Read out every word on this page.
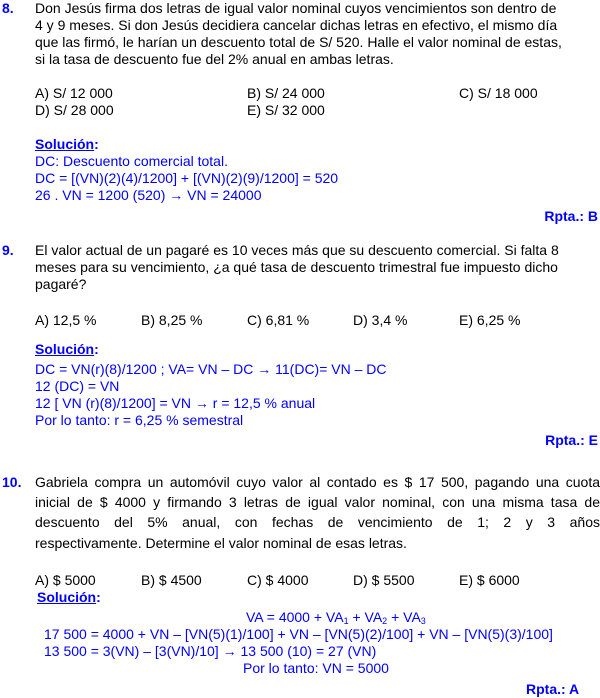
8. Don Jesús firma dos letras de igual valor nominal cuyos vencimientos son dentro de
4 y 9 meses. Si don Jesús decidiera cancelar dichas letras en efectivo, el mismo día
que las firmó, le harían un descuento total de S/ 520. Halle el valor nominal de estas,
si la tasa de descuento fue del 2% anual en ambas letras.
A) S/ 12 000	B) S/ 24 000	C) S/ 18 000
D) S/ 28 000	E) S/ 32 000
Solución:
DC: Descuento comercial total.
DC = [(VN)(2)(4)/1200] + [(VN)(2)(9)/1200] = 520
26 . VN = 1200 (520) → VN = 24000
Rpta.: B
9. El valor actual de un pagaré es 10 veces más que su descuento comercial. Si falta 8
meses para su vencimiento, ¿a qué tasa de descuento trimestral fue impuesto dicho
pagaré?
A) 12,5 %	B) 8,25 %	C) 6,81 %	D) 3,4 %	E) 6,25 %
Solución:
DC = VN(r)(8)/1200 ; VA= VN – DC → 11(DC)= VN – DC
12 (DC) = VN
12 [ VN (r)(8)/1200] = VN → r = 12,5 % anual
Por lo tanto: r = 6,25 % semestral
Rpta.: E
10. Gabriela compra un automóvil cuyo valor al contado es $ 17 500, pagando una cuota
inicial de $ 4000 y firmando 3 letras de igual valor nominal, con una misma tasa de
descuento del 5% anual, con fechas de vencimiento de 1; 2 y 3 años
respectivamente. Determine el valor nominal de esas letras.
A) $ 5000	B) $ 4500	C) $ 4000	D) $ 5500	E) $ 6000
Solución:
VA = $4000 + VA_1 + VA_2 + VA_3$
17 500 = 4000 + VN – [VN(5)(1)/100] + VN – [VN(5)(2)/100] + VN – [VN(5)(3)/100]
13 500 = 3(VN) – [3(VN)/10] → 13 500 (10) = 27 (VN)
Por lo tanto: VN = 5000
Rpta.: A
